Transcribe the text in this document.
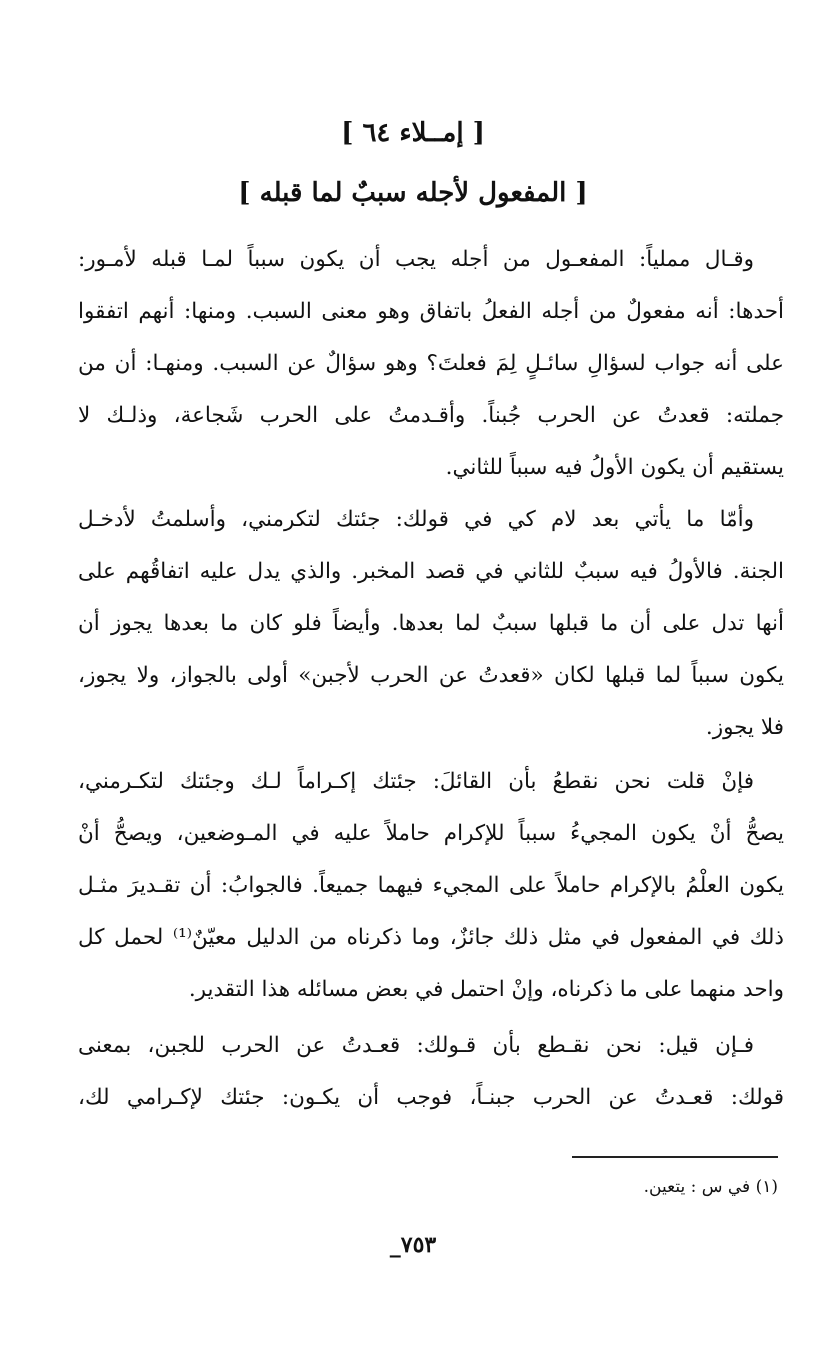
[ إمــلاء ٦٤ ]
[ المفعول لأجله سببٌ لما قبله ]
وقـال مملياً: المفعـول من أجله يجب أن يكون سبباً لمـا قبله لأمـور:
أحدها: أنه مفعولٌ من أجله الفعلُ باتفاق وهو معنى السبب. ومنها: أنهم اتفقوا
على أنه جواب لسؤالِ سائـلٍ لِمَ فعلتَ؟ وهو سؤالٌ عن السبب. ومنهـا: أن من
جملته: قعدتُ عن الحرب جُبناً. وأقـدمتُ على الحرب شَجاعة، وذلـك لا
يستقيم أن يكون الأولُ فيه سبباً للثاني.
وأمّا ما يأتي بعد لام كي في قولك: جئتك لتكرمني، وأسلمتُ لأدخـل
الجنة. فالأولُ فيه سببٌ للثاني في قصد المخبر. والذي يدل عليه اتفاقُهم على
أنها تدل على أن ما قبلها سببٌ لما بعدها. وأيضاً فلو كان ما بعدها يجوز أن
يكون سبباً لما قبلها لكان «قعدتُ عن الحرب لأجبن» أولى بالجواز، ولا يجوز،
فلا يجوز.
فإنْ قلت نحن نقطعُ بأن القائلَ: جئتك إكـراماً لـك وجئتك لتكـرمني،
يصحُّ أنْ يكون المجيءُ سبباً للإكرام حاملاً عليه في المـوضعين، ويصحُّ أنْ
يكون العلْمُ بالإكرام حاملاً على المجيء فيهما جميعاً. فالجوابُ: أن تقـديرَ مثـل
ذلك في المفعول في مثل ذلك جائزٌ، وما ذكرناه من الدليل معيّنٌ⁽¹⁾ لحمل كل
واحد منهما على ما ذكرناه، وإنْ احتمل في بعض مسائله هذا التقدير.
فـإن قيل: نحن نقـطع بأن قـولك: قعـدتُ عن الحرب للجبن، بمعنى
قولك: قعـدتُ عن الحرب جبنـاً، فوجب أن يكـون: جئتك لإكـرامي لك،
(١) في س : يتعين.
٧٥٣_
